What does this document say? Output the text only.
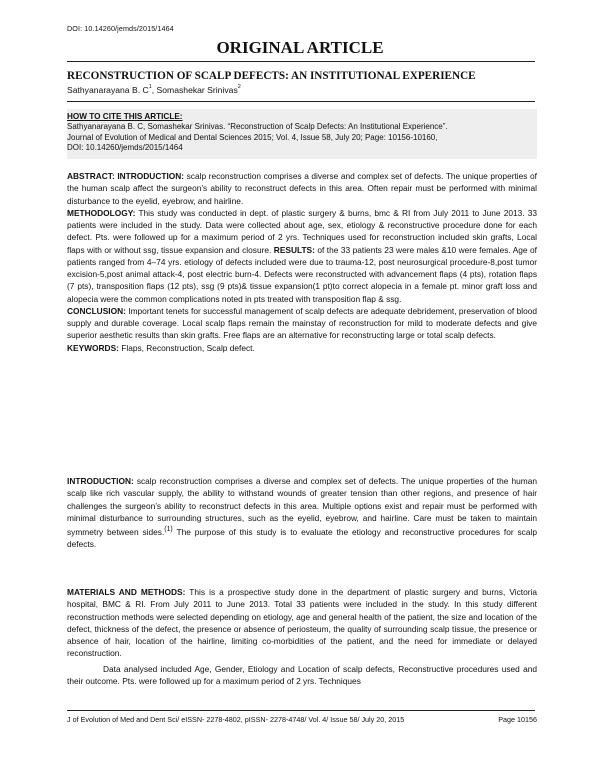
DOI: 10.14260/jemds/2015/1464
ORIGINAL ARTICLE
RECONSTRUCTION OF SCALP DEFECTS: AN INSTITUTIONAL EXPERIENCE
Sathyanarayana B. $C^1$, Somashekar Srinivas$^2$
HOW TO CITE THIS ARTICLE:
Sathyanarayana B. C, Somashekar Srinivas. “Reconstruction of Scalp Defects: An Institutional Experience”.
Journal of Evolution of Medical and Dental Sciences 2015; Vol. 4, Issue 58, July 20; Page: 10156-10160,
DOI: 10.14260/jemds/2015/1464
ABSTRACT: INTRODUCTION: scalp reconstruction comprises a diverse and complex set of defects. The unique properties of the human scalp affect the surgeon’s ability to reconstruct defects in this area. Often repair must be performed with minimal disturbance to the eyelid, eyebrow, and hairline.
METHODOLOGY: This study was conducted in dept. of plastic surgery & burns, bmc & RI from July 2011 to June 2013. 33 patients were included in the study. Data were collected about age, sex, etiology & reconstructive procedure done for each defect. Pts. were followed up for a maximum period of 2 yrs. Techniques used for reconstruction included skin grafts, Local flaps with or without ssg, tissue expansion and closure. RESULTS: of the 33 patients 23 were males &10 were females. Age of patients ranged from 4–74 yrs. etiology of defects included were due to trauma-12, post neurosurgical procedure-8,post tumor excision-5,post animal attack-4, post electric burn-4. Defects were reconstructed with advancement flaps (4 pts), rotation flaps (7 pts), transposition flaps (12 pts), ssg (9 pts)& tissue expansion(1 pt)to correct alopecia in a female pt. minor graft loss and alopecia were the common complications noted in pts treated with transposition flap & ssg.
CONCLUSION: Important tenets for successful management of scalp defects are adequate debridement, preservation of blood supply and durable coverage. Local scalp flaps remain the mainstay of reconstruction for mild to moderate defects and give superior aesthetic results than skin grafts. Free flaps are an alternative for reconstructing large or total scalp defects.
KEYWORDS: Flaps, Reconstruction, Scalp defect.
INTRODUCTION: scalp reconstruction comprises a diverse and complex set of defects. The unique properties of the human scalp like rich vascular supply, the ability to withstand wounds of greater tension than other regions, and presence of hair challenges the surgeon’s ability to reconstruct defects in this area. Multiple options exist and repair must be performed with minimal disturbance to surrounding structures, such as the eyelid, eyebrow, and hairline. Care must be taken to maintain symmetry between sides.$^{(1)}$ The purpose of this study is to evaluate the etiology and reconstructive procedures for scalp defects.
MATERIALS AND METHODS: This is a prospective study done in the department of plastic surgery and burns, Victoria hospital, BMC & RI. From July 2011 to June 2013. Total 33 patients were included in the study. In this study different reconstruction methods were selected depending on etiology, age and general health of the patient, the size and location of the defect, thickness of the defect, the presence or absence of periosteum, the quality of surrounding scalp tissue, the presence or absence of hair, location of the hairline, limiting co-morbidities of the patient, and the need for immediate or delayed reconstruction.
Data analysed included Age, Gender, Etiology and Location of scalp defects, Reconstructive procedures used and their outcome. Pts. were followed up for a maximum period of 2 yrs. Techniques
J of Evolution of Med and Dent Sci/ eISSN- 2278-4802, pISSN- 2278-4748/ Vol. 4/ Issue 58/ July 20, 2015	Page 10156
